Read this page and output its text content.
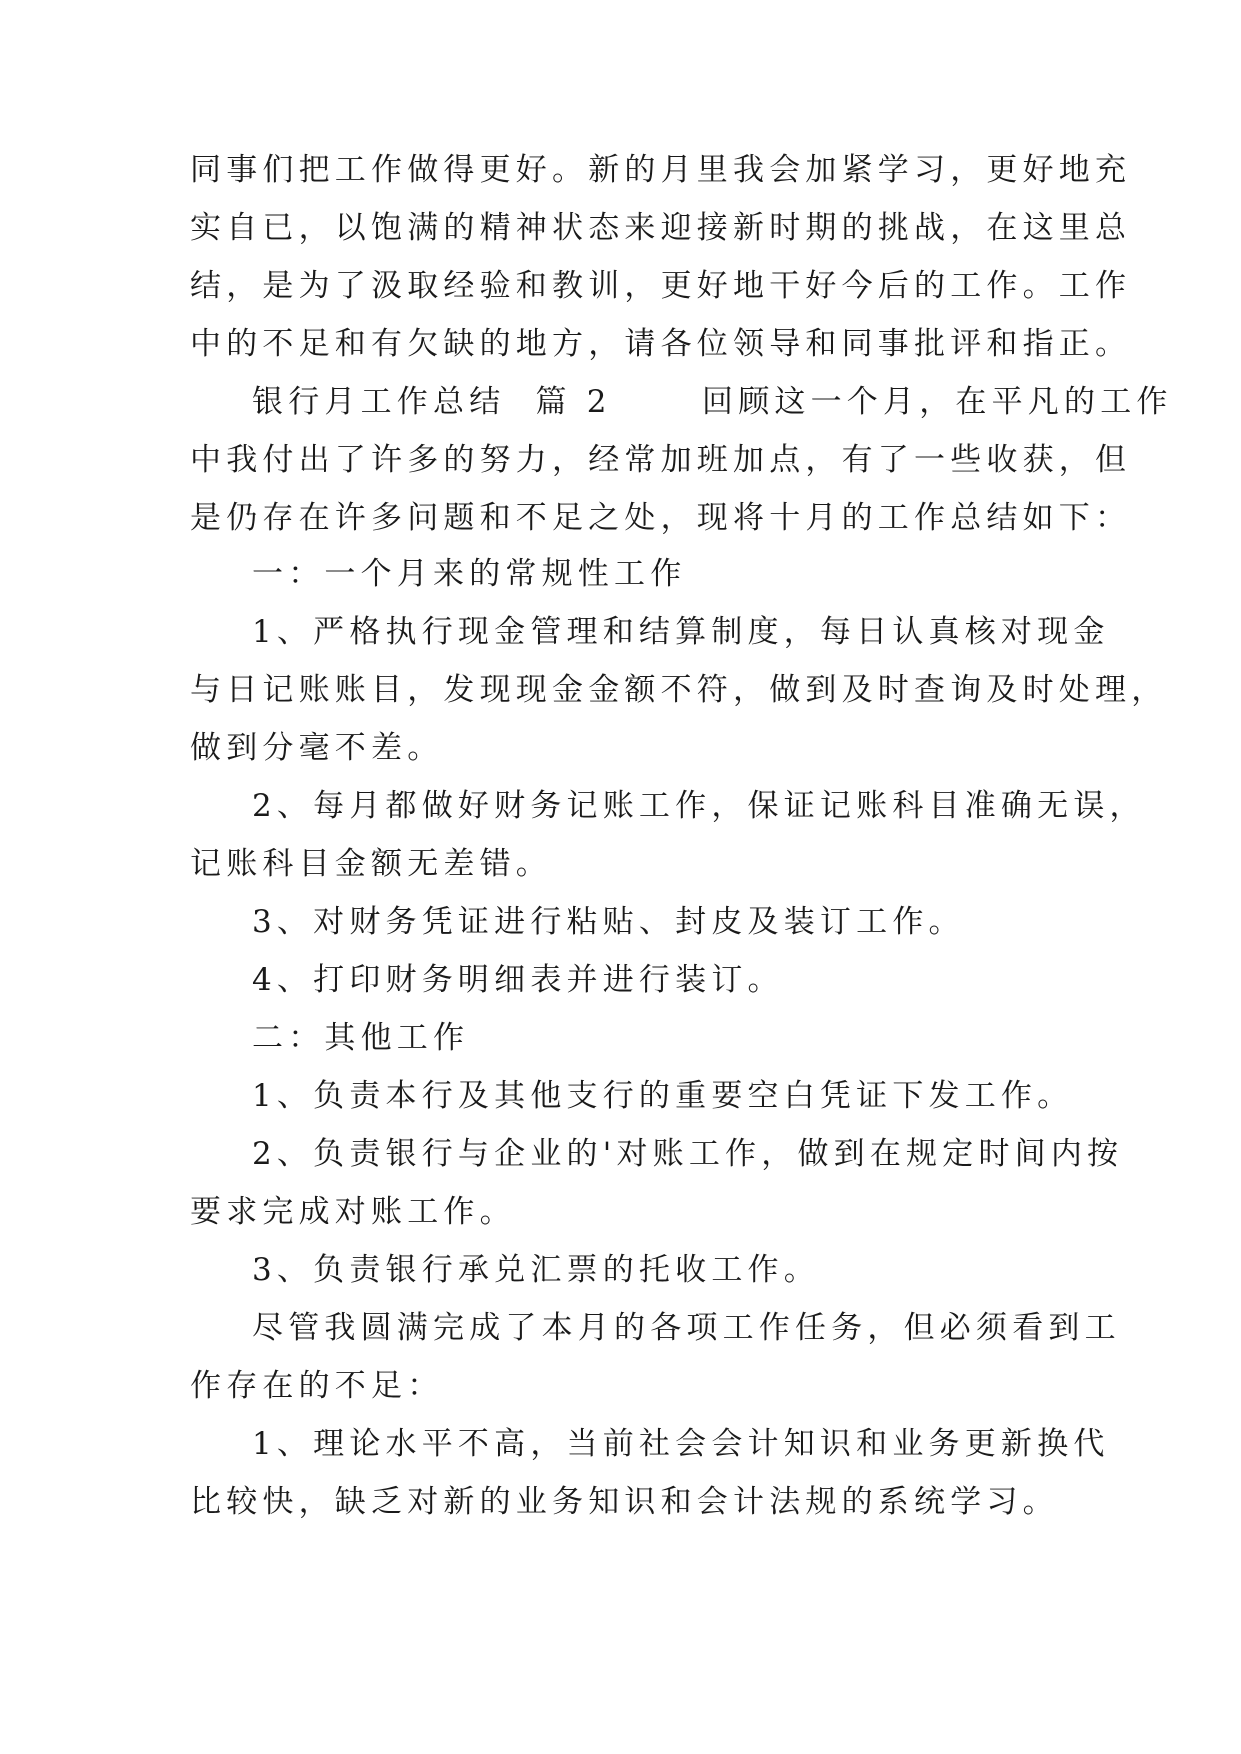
同事们把工作做得更好。新的月里我会加紧学习，更好地充
实自已，以饱满的精神状态来迎接新时期的挑战，在这里总
结，是为了汲取经验和教训，更好地干好今后的工作。工作
中的不足和有欠缺的地方，请各位领导和同事批评和指正。
银行月工作总结  篇 2      回顾这一个月，在平凡的工作
中我付出了许多的努力，经常加班加点，有了一些收获，但
是仍存在许多问题和不足之处，现将十月的工作总结如下：
一：一个月来的常规性工作
1、严格执行现金管理和结算制度，每日认真核对现金
与日记账账目，发现现金金额不符，做到及时查询及时处理，
做到分毫不差。
2、每月都做好财务记账工作，保证记账科目准确无误，
记账科目金额无差错。
3、对财务凭证进行粘贴、封皮及装订工作。
4、打印财务明细表并进行装订。
二：其他工作
1、负责本行及其他支行的重要空白凭证下发工作。
2、负责银行与企业的'对账工作，做到在规定时间内按
要求完成对账工作。
3、负责银行承兑汇票的托收工作。
尽管我圆满完成了本月的各项工作任务，但必须看到工
作存在的不足：
1、理论水平不高，当前社会会计知识和业务更新换代
比较快，缺乏对新的业务知识和会计法规的系统学习。
